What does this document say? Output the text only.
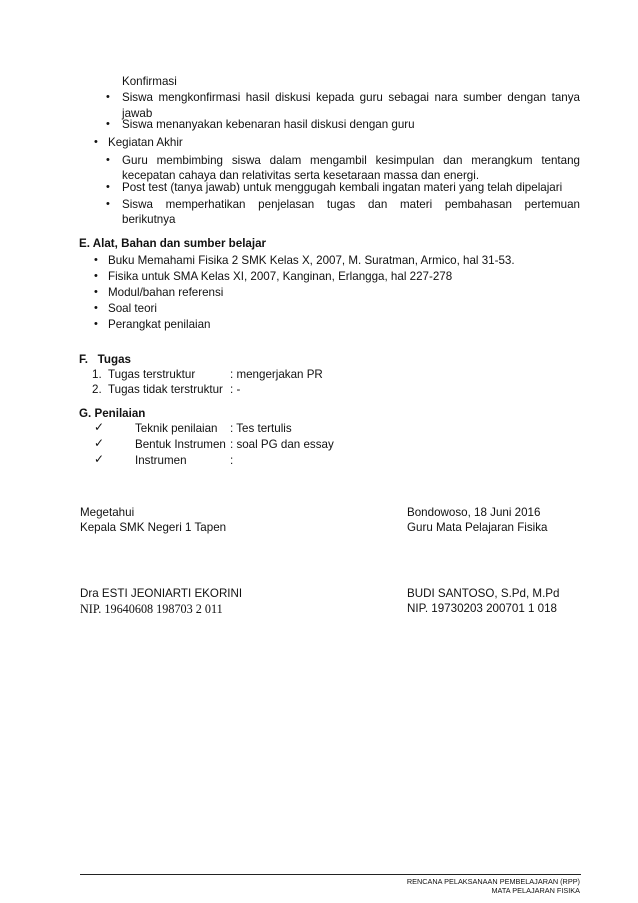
Konfirmasi
• Siswa mengkonfirmasi hasil diskusi kepada guru sebagai nara sumber dengan tanya
jawab
• Siswa menanyakan kebenaran hasil diskusi dengan guru
• Kegiatan Akhir
• Guru membimbing siswa dalam mengambil kesimpulan dan merangkum tentang
kecepatan cahaya dan relativitas serta kesetaraan massa dan energi.
• Post test (tanya jawab) untuk menggugah kembali ingatan materi yang telah dipelajari
• Siswa memperhatikan penjelasan tugas dan materi pembahasan pertemuan
berikutnya
E. Alat, Bahan dan sumber belajar
• Buku Memahami Fisika 2 SMK Kelas X, 2007, M. Suratman, Armico, hal 31-53.
• Fisika untuk SMA Kelas XI, 2007, Kanginan, Erlangga, hal 227-278
• Modul/bahan referensi
• Soal teori
• Perangkat penilaian
F.   Tugas
1. Tugas terstruktur	: mengerjakan PR
2. Tugas tidak terstruktur : -
G. Penilaian
✓	Teknik penilaian : Tes tertulis
✓	Bentuk Instrumen : soal PG dan essay
✓	Instrumen	:
Megetahui
Kepala SMK Negeri 1 Tapen
Bondowoso, 18 Juni 2016
Guru Mata Pelajaran Fisika
Dra ESTI JEONIARTI EKORINI
NIP. 19640608 198703 2 011
BUDI SANTOSO, S.Pd, M.Pd
NIP. 19730203 200701 1 018
RENCANA PELAKSANAAN PEMBELAJARAN (RPP)
MATA PELAJARAN FISIKA
